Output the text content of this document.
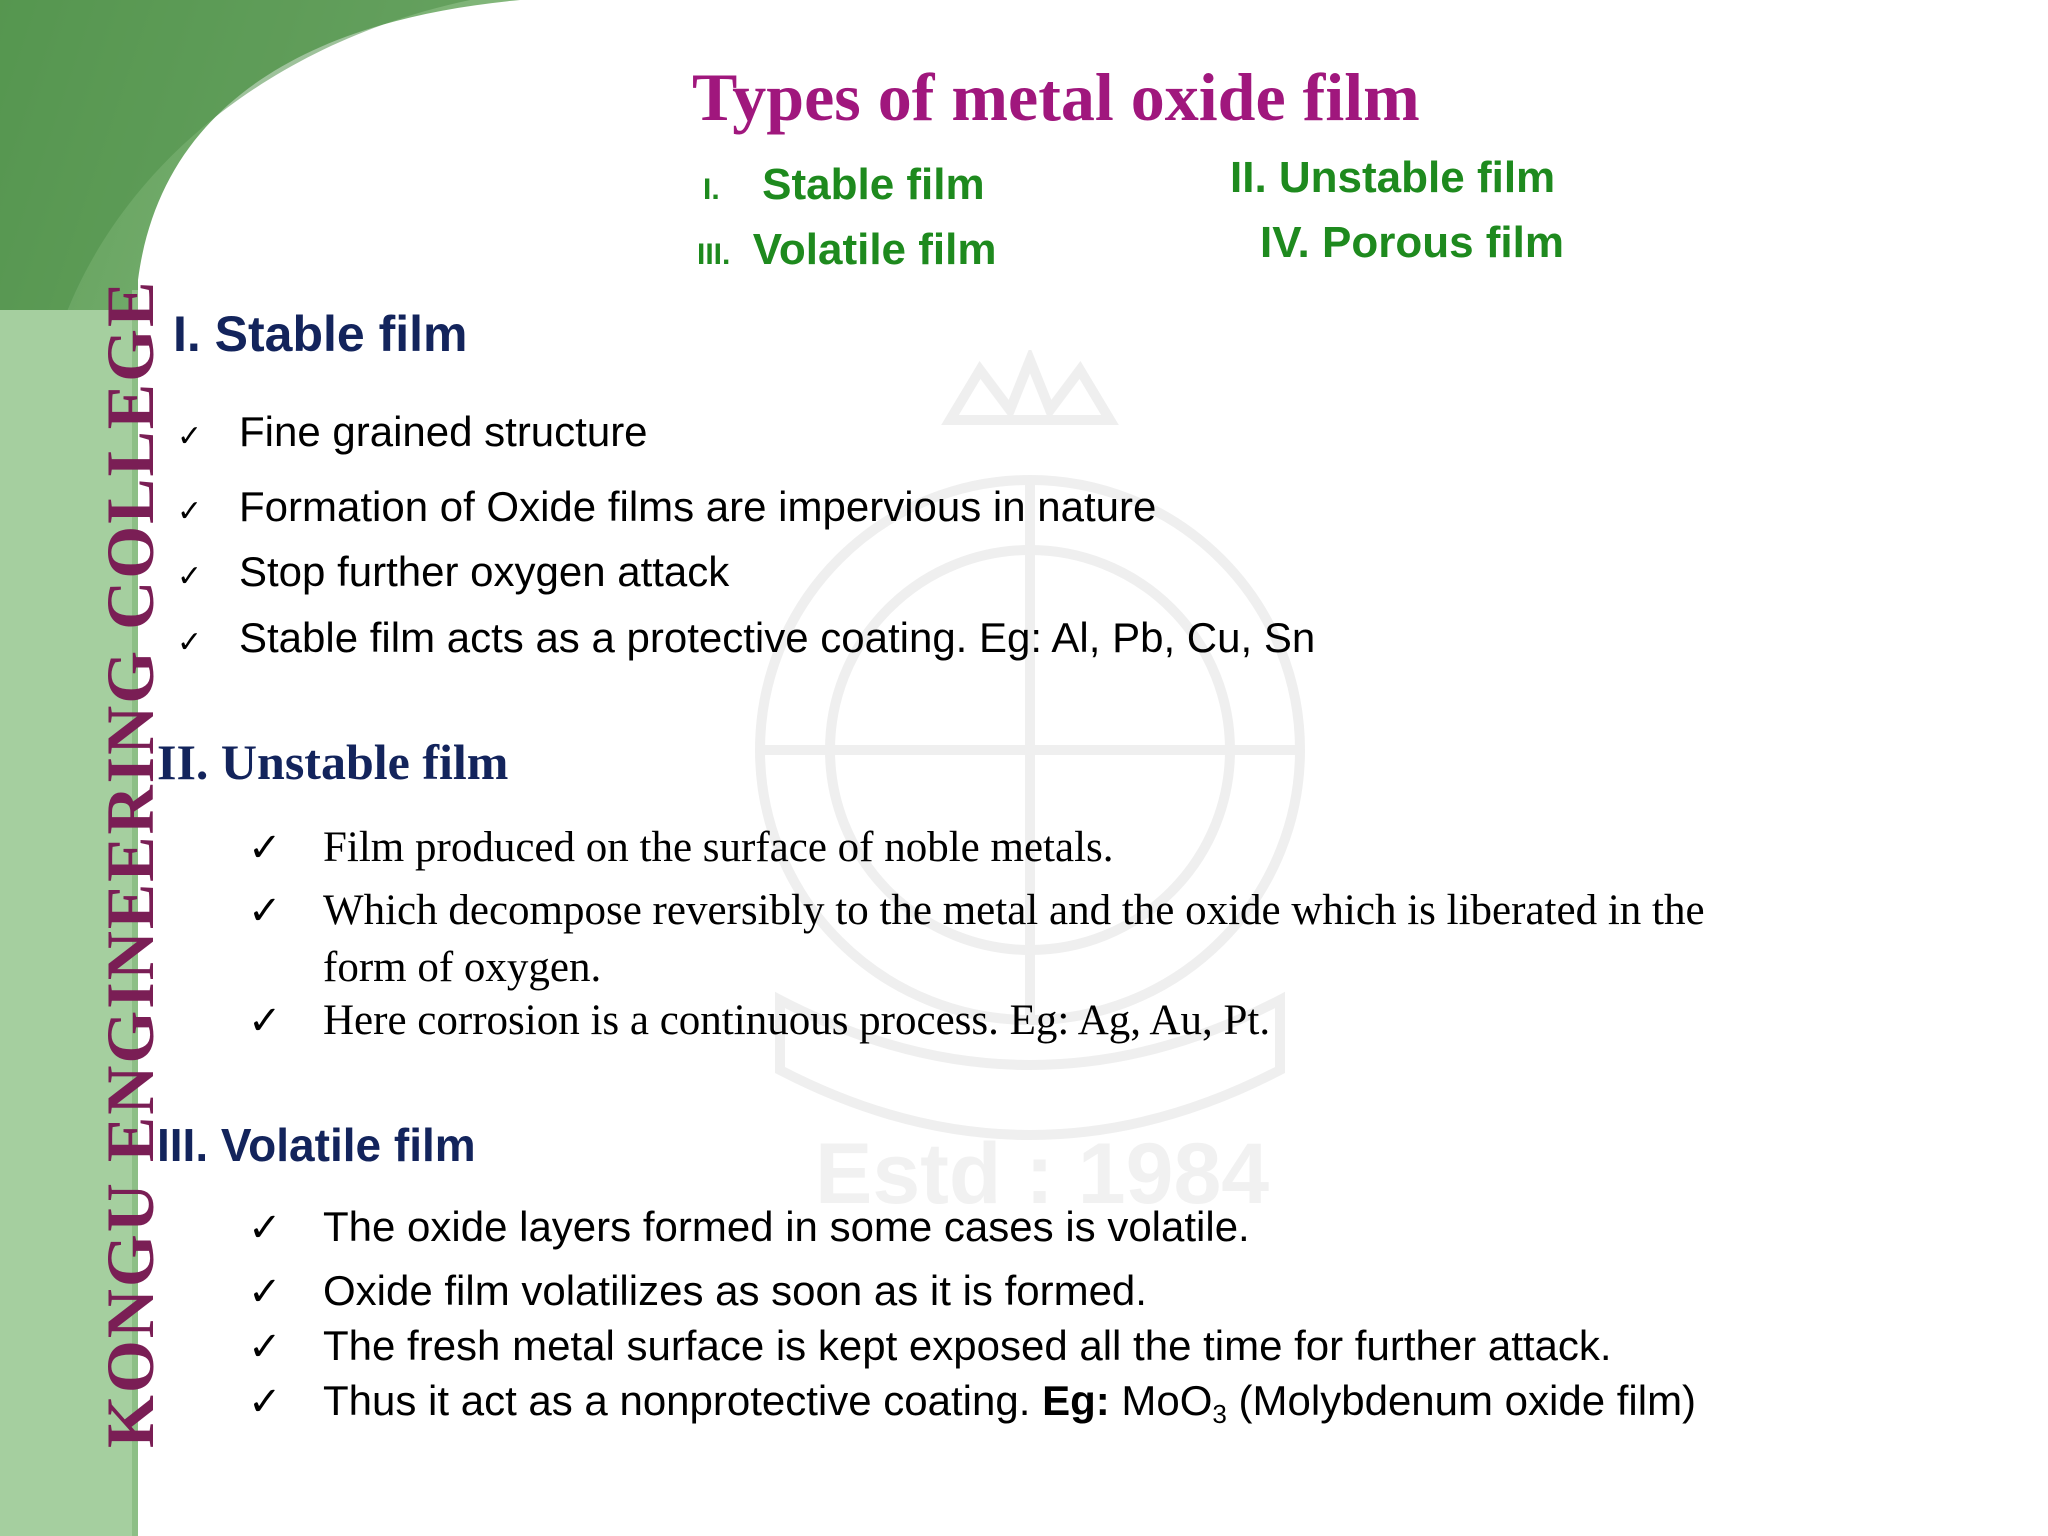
Estd : 1984
KONGU ENGINEERING COLLEGE
Types of metal oxide film
I. Stable film	II. Unstable film
III. Volatile film	IV. Porous film
I. Stable film
✓ Fine grained structure
✓ Formation of Oxide films are impervious in nature
✓ Stop further oxygen attack
✓ Stable film acts as a protective coating. Eg: Al, Pb, Cu, Sn
II. Unstable film
✓ Film produced on the surface of noble metals.
✓ Which decompose reversibly to the metal and the oxide which is liberated in the
form of oxygen.
✓ Here corrosion is a continuous process. Eg: Ag, Au, Pt.
III. Volatile film
✓ The oxide layers formed in some cases is volatile.
✓ Oxide film volatilizes as soon as it is formed.
✓ The fresh metal surface is kept exposed all the time for further attack.
✓ Thus it act as a nonprotective coating. Eg: MoO$_3$ (Molybdenum oxide film)
